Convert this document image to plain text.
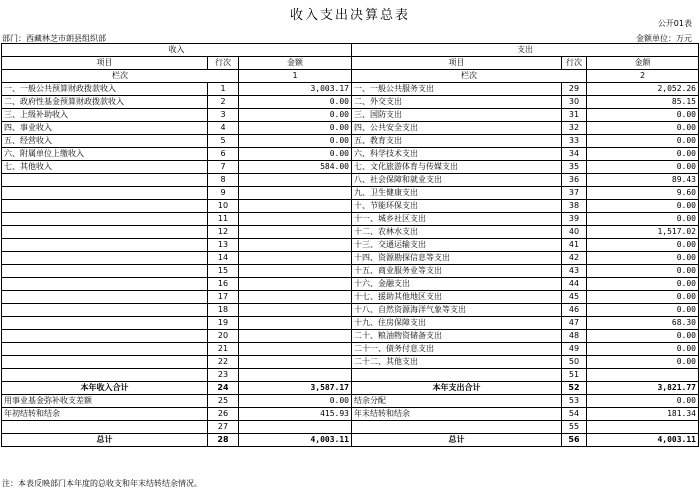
收入支出决算总表
公开01表
部门：西藏林芝市朗县组织部	金额单位：万元
收入			支出		
项目	行次	金额	项目	行次	金额
栏次		1	栏次		2
一、一般公共预算财政拨款收入	1	3,003.17	一、一般公共服务支出	29	2,052.26
二、政府性基金预算财政拨款收入	2	0.00	二、外交支出	30	85.15
三、上级补助收入	3	0.00	三、国防支出	31	0.00
四、事业收入	4	0.00	四、公共安全支出	32	0.00
五、经营收入	5	0.00	五、教育支出	33	0.00
六、附属单位上缴收入	6	0.00	六、科学技术支出	34	0.00
七、其他收入	7	584.00	七、文化旅游体育与传媒支出	35	0.00
	8		八、社会保障和就业支出	36	89.43
	9		九、卫生健康支出	37	9.60
	10		十、节能环保支出	38	0.00
	11		十一、城乡社区支出	39	0.00
	12		十二、农林水支出	40	1,517.02
	13		十三、交通运输支出	41	0.00
	14		十四、资源勘探信息等支出	42	0.00
	15		十五、商业服务业等支出	43	0.00
	16		十六、金融支出	44	0.00
	17		十七、援助其他地区支出	45	0.00
	18		十八、自然资源海洋气象等支出	46	0.00
	19		十九、住房保障支出	47	68.30
	20		二十、粮油物资储备支出	48	0.00
	21		二十一、债务付息支出	49	0.00
	22		二十二、其他支出	50	0.00
	23			51	
本年收入合计	24	3,587.17	本年支出合计	52	3,821.77
用事业基金弥补收支差额	25	0.00	结余分配	53	0.00
年初结转和结余	26	415.93	年末结转和结余	54	181.34
	27			55	
总计	28	4,003.11	总计	56	4,003.11
注：本表反映部门本年度的总收支和年末结转结余情况。
